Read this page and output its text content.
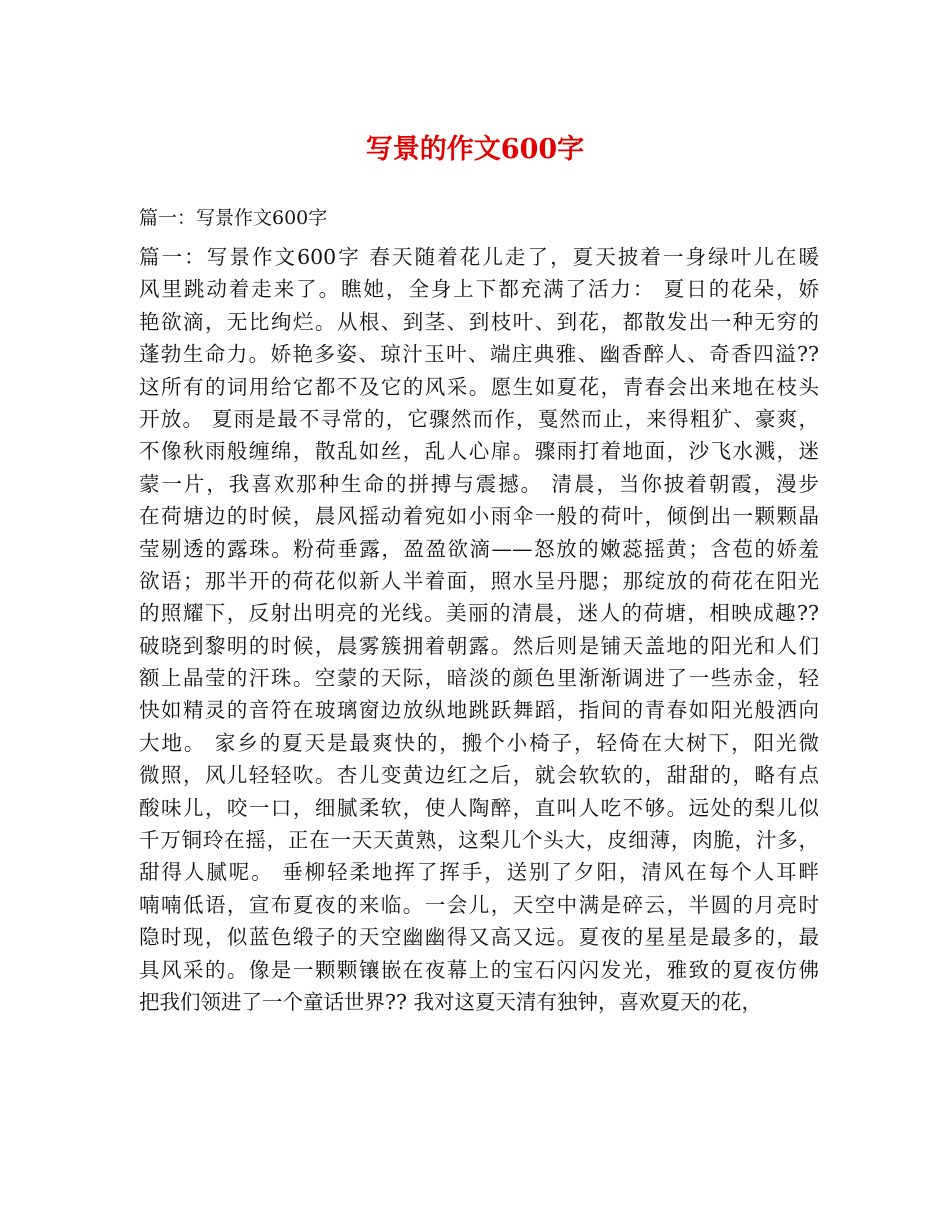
写景的作文600字

篇一：写景作文600字

篇一：写景作文600字 春天随着花儿走了，夏天披着一身绿叶儿在暖
风里跳动着走来了。瞧她，全身上下都充满了活力： 夏日的花朵，娇
艳欲滴，无比绚烂。从根、到茎、到枝叶、到花，都散发出一种无穷的
蓬勃生命力。娇艳多姿、琼汁玉叶、端庄典雅、幽香醉人、奇香四溢??
这所有的词用给它都不及它的风采。愿生如夏花，青春会出来地在枝头
开放。 夏雨是最不寻常的，它骤然而作，戛然而止，来得粗犷、豪爽，
不像秋雨般缠绵，散乱如丝，乱人心扉。骤雨打着地面，沙飞水溅，迷
蒙一片，我喜欢那种生命的拼搏与震撼。 清晨，当你披着朝霞，漫步
在荷塘边的时候，晨风摇动着宛如小雨伞一般的荷叶，倾倒出一颗颗晶
莹剔透的露珠。粉荷垂露，盈盈欲滴——怒放的嫩蕊摇黄；含苞的娇羞
欲语；那半开的荷花似新人半着面，照水呈丹腮；那绽放的荷花在阳光
的照耀下，反射出明亮的光线。美丽的清晨，迷人的荷塘，相映成趣??
破晓到黎明的时候，晨雾簇拥着朝露。然后则是铺天盖地的阳光和人们
额上晶莹的汗珠。空蒙的天际，暗淡的颜色里渐渐调进了一些赤金，轻
快如精灵的音符在玻璃窗边放纵地跳跃舞蹈，指间的青春如阳光般洒向
大地。 家乡的夏天是最爽快的，搬个小椅子，轻倚在大树下，阳光微
微照，风儿轻轻吹。杏儿变黄边红之后，就会软软的，甜甜的，略有点
酸味儿，咬一口，细腻柔软，使人陶醉，直叫人吃不够。远处的梨儿似
千万铜玲在摇，正在一天天黄熟，这梨儿个头大，皮细薄，肉脆，汁多，
甜得人腻呢。 垂柳轻柔地挥了挥手，送别了夕阳，清风在每个人耳畔
喃喃低语，宣布夏夜的来临。一会儿，天空中满是碎云，半圆的月亮时
隐时现，似蓝色缎子的天空幽幽得又高又远。夏夜的星星是最多的，最
具风采的。像是一颗颗镶嵌在夜幕上的宝石闪闪发光，雅致的夏夜仿佛
把我们领进了一个童话世界?? 我对这夏天清有独钟，喜欢夏天的花，
